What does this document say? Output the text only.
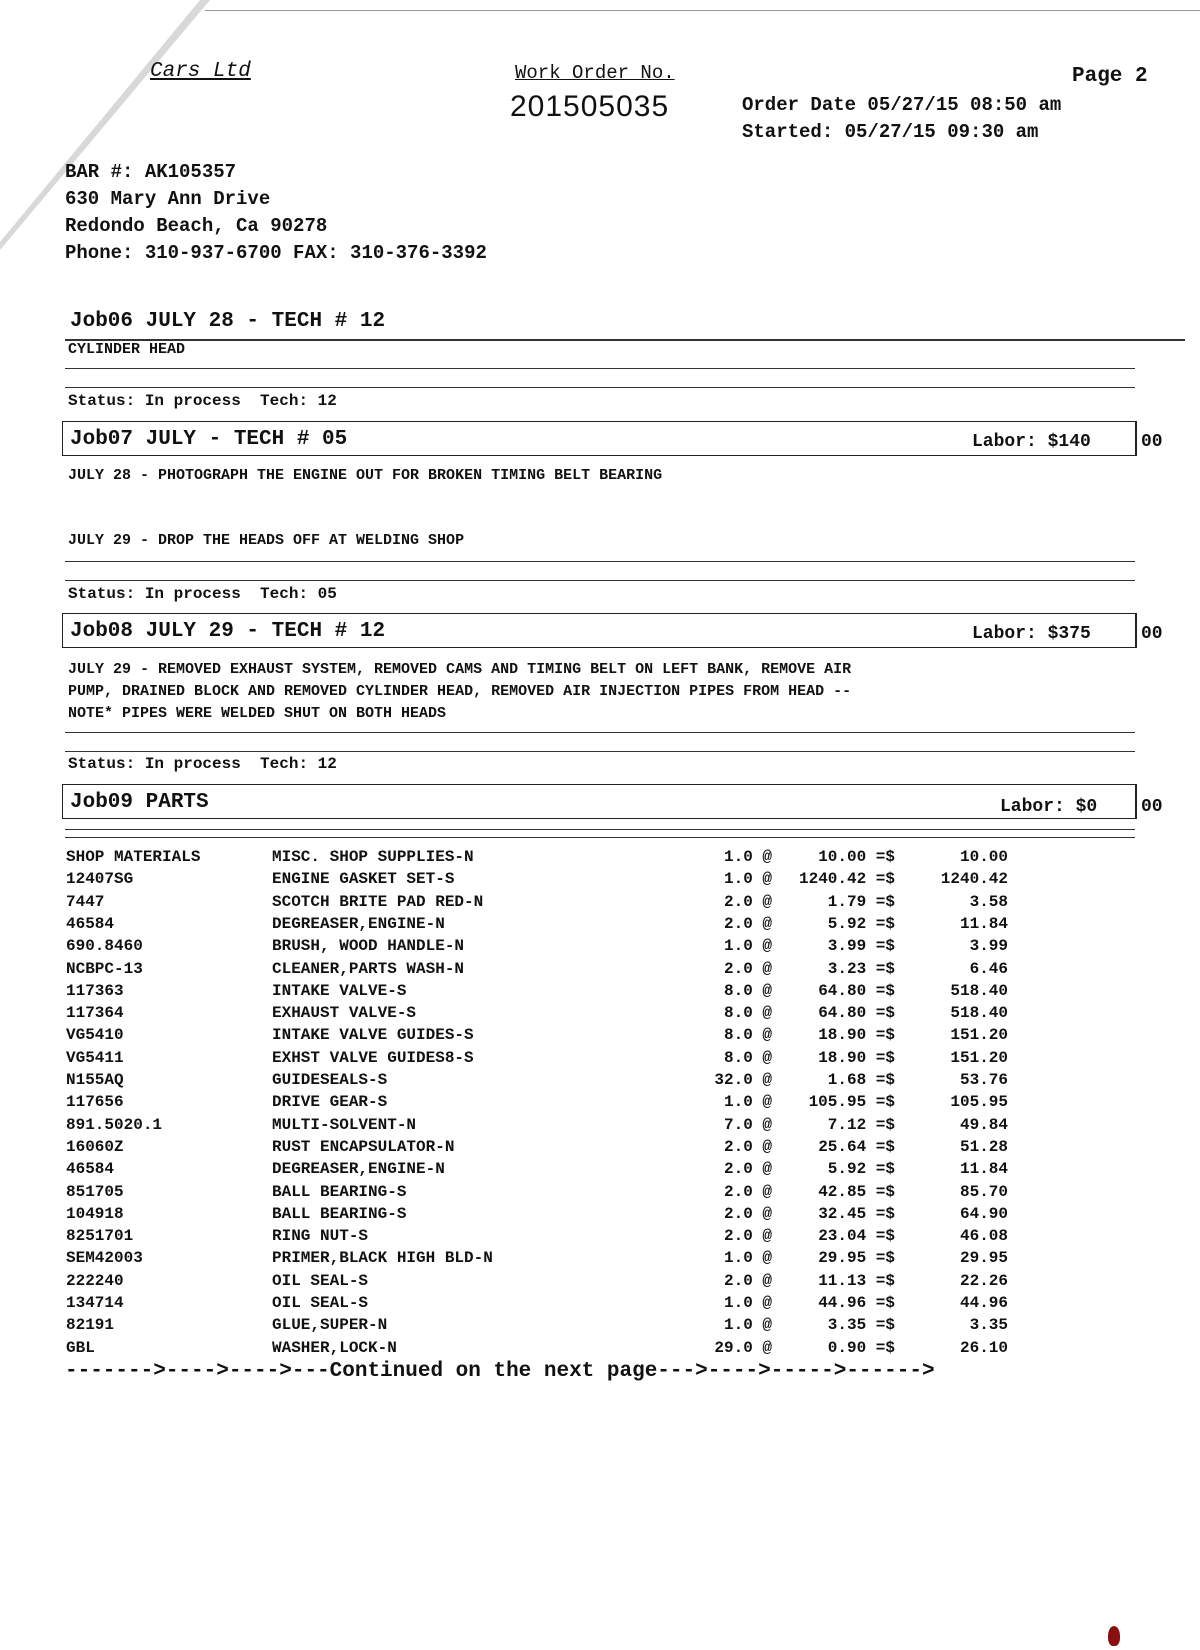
Cars Ltd	Work Order No.
201505035
Page 2
Order Date 05/27/15 08:50 am
Started: 05/27/15 09:30 am
BAR #: AK105357
630 Mary Ann Drive
Redondo Beach, Ca 90278
Phone: 310-937-6700 FAX: 310-376-3392
Job06 JULY 28 - TECH # 12
CYLINDER HEAD
Status: In process  Tech: 12
Job07 JULY - TECH # 05	Labor: $140	00
JULY 28 - PHOTOGRAPH THE ENGINE OUT FOR BROKEN TIMING BELT BEARING
JULY 29 - DROP THE HEADS OFF AT WELDING SHOP
Status: In process  Tech: 05
Job08 JULY 29 - TECH # 12	Labor: $375	00
JULY 29 - REMOVED EXHAUST SYSTEM, REMOVED CAMS AND TIMING BELT ON LEFT BANK, REMOVE AIR
PUMP, DRAINED BLOCK AND REMOVED CYLINDER HEAD, REMOVED AIR INJECTION PIPES FROM HEAD --
NOTE* PIPES WERE WELDED SHUT ON BOTH HEADS
Status: In process  Tech: 12
Job09 PARTS	Labor: $0 00
SHOP MATERIALS	MISC. SHOP SUPPLIES-N	1.0 @	10.00 =$	10.00
12407SG	ENGINE GASKET SET-S	1.0 @ 1240.42 =$	1240.42
7447	SCOTCH BRITE PAD RED-N	2.0 @	1.79 =$	3.58
46584	DEGREASER,ENGINE-N	2.0 @	5.92 =$	11.84
690.8460	BRUSH, WOOD HANDLE-N	1.0 @	3.99 =$	3.99
NCBPC-13	CLEANER,PARTS WASH-N	2.0 @	3.23 =$	6.46
117363	INTAKE VALVE-S	8.0 @	64.80 =$	518.40
117364	EXHAUST VALVE-S	8.0 @	64.80 =$	518.40
VG5410	INTAKE VALVE GUIDES-S	8.0 @	18.90 =$	151.20
VG5411	EXHST VALVE GUIDES8-S	8.0 @	18.90 =$	151.20
N155AQ	GUIDESEALS-S	32.0 @	1.68 =$	53.76
117656	DRIVE GEAR-S	1.0 @ 105.95 =$	105.95
891.5020.1	MULTI-SOLVENT-N	7.0 @	7.12 =$	49.84
16060Z	RUST ENCAPSULATOR-N	2.0 @	25.64 =$	51.28
46584	DEGREASER,ENGINE-N	2.0 @	5.92 =$	11.84
851705	BALL BEARING-S	2.0 @	42.85 =$	85.70
104918	BALL BEARING-S	2.0 @	32.45 =$	64.90
8251701	RING NUT-S	2.0 @	23.04 =$	46.08
SEM42003	PRIMER,BLACK HIGH BLD-N	1.0 @	29.95 =$	29.95
222240	OIL SEAL-S	2.0 @	11.13 =$	22.26
134714	OIL SEAL-S	1.0 @	44.96 =$	44.96
82191	GLUE,SUPER-N	1.0 @	3.35 =$	3.35
GBL	WASHER,LOCK-N	29.0 @	0.90 =$	26.10
------->---->---->---Continued on the next page--->---->----->------>
